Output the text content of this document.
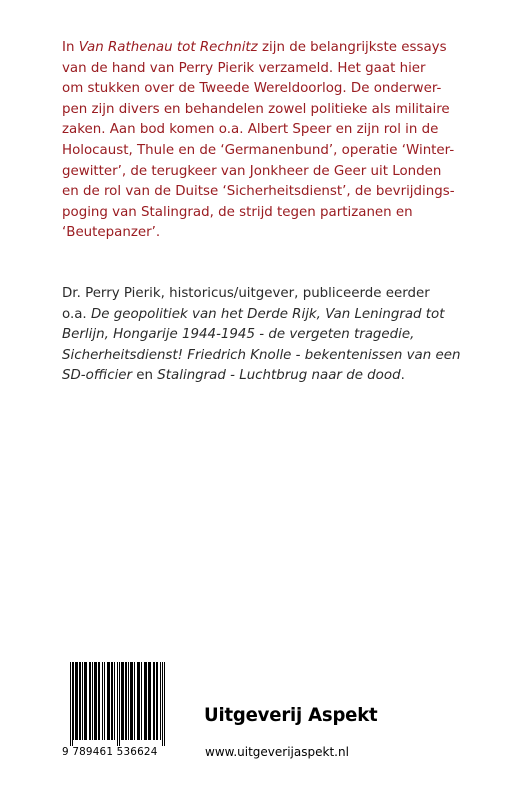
In Van Rathenau tot Rechnitz zijn de belangrijkste essays
van de hand van Perry Pierik verzameld. Het gaat hier
om stukken over de Tweede Wereldoorlog. De onderwer-
pen zijn divers en behandelen zowel politieke als militaire
zaken. Aan bod komen o.a. Albert Speer en zijn rol in de
Holocaust, Thule en de ‘Germanenbund’, operatie ‘Winter-
gewitter’, de terugkeer van Jonkheer de Geer uit Londen
en de rol van de Duitse ‘Sicherheitsdienst’, de bevrijdings-
poging van Stalingrad, de strijd tegen partizanen en
‘Beutepanzer’.
Dr. Perry Pierik, historicus/uitgever, publiceerde eerder
o.a. De geopolitiek van het Derde Rijk, Van Leningrad tot
Berlijn, Hongarije 1944-1945 - de vergeten tragedie,
Sicherheitsdienst! Friedrich Knolle - bekentenissen van een
SD-officier en Stalingrad - Luchtbrug naar de dood.
9 789461 536624
Uitgeverij Aspekt
www.uitgeverijaspekt.nl
